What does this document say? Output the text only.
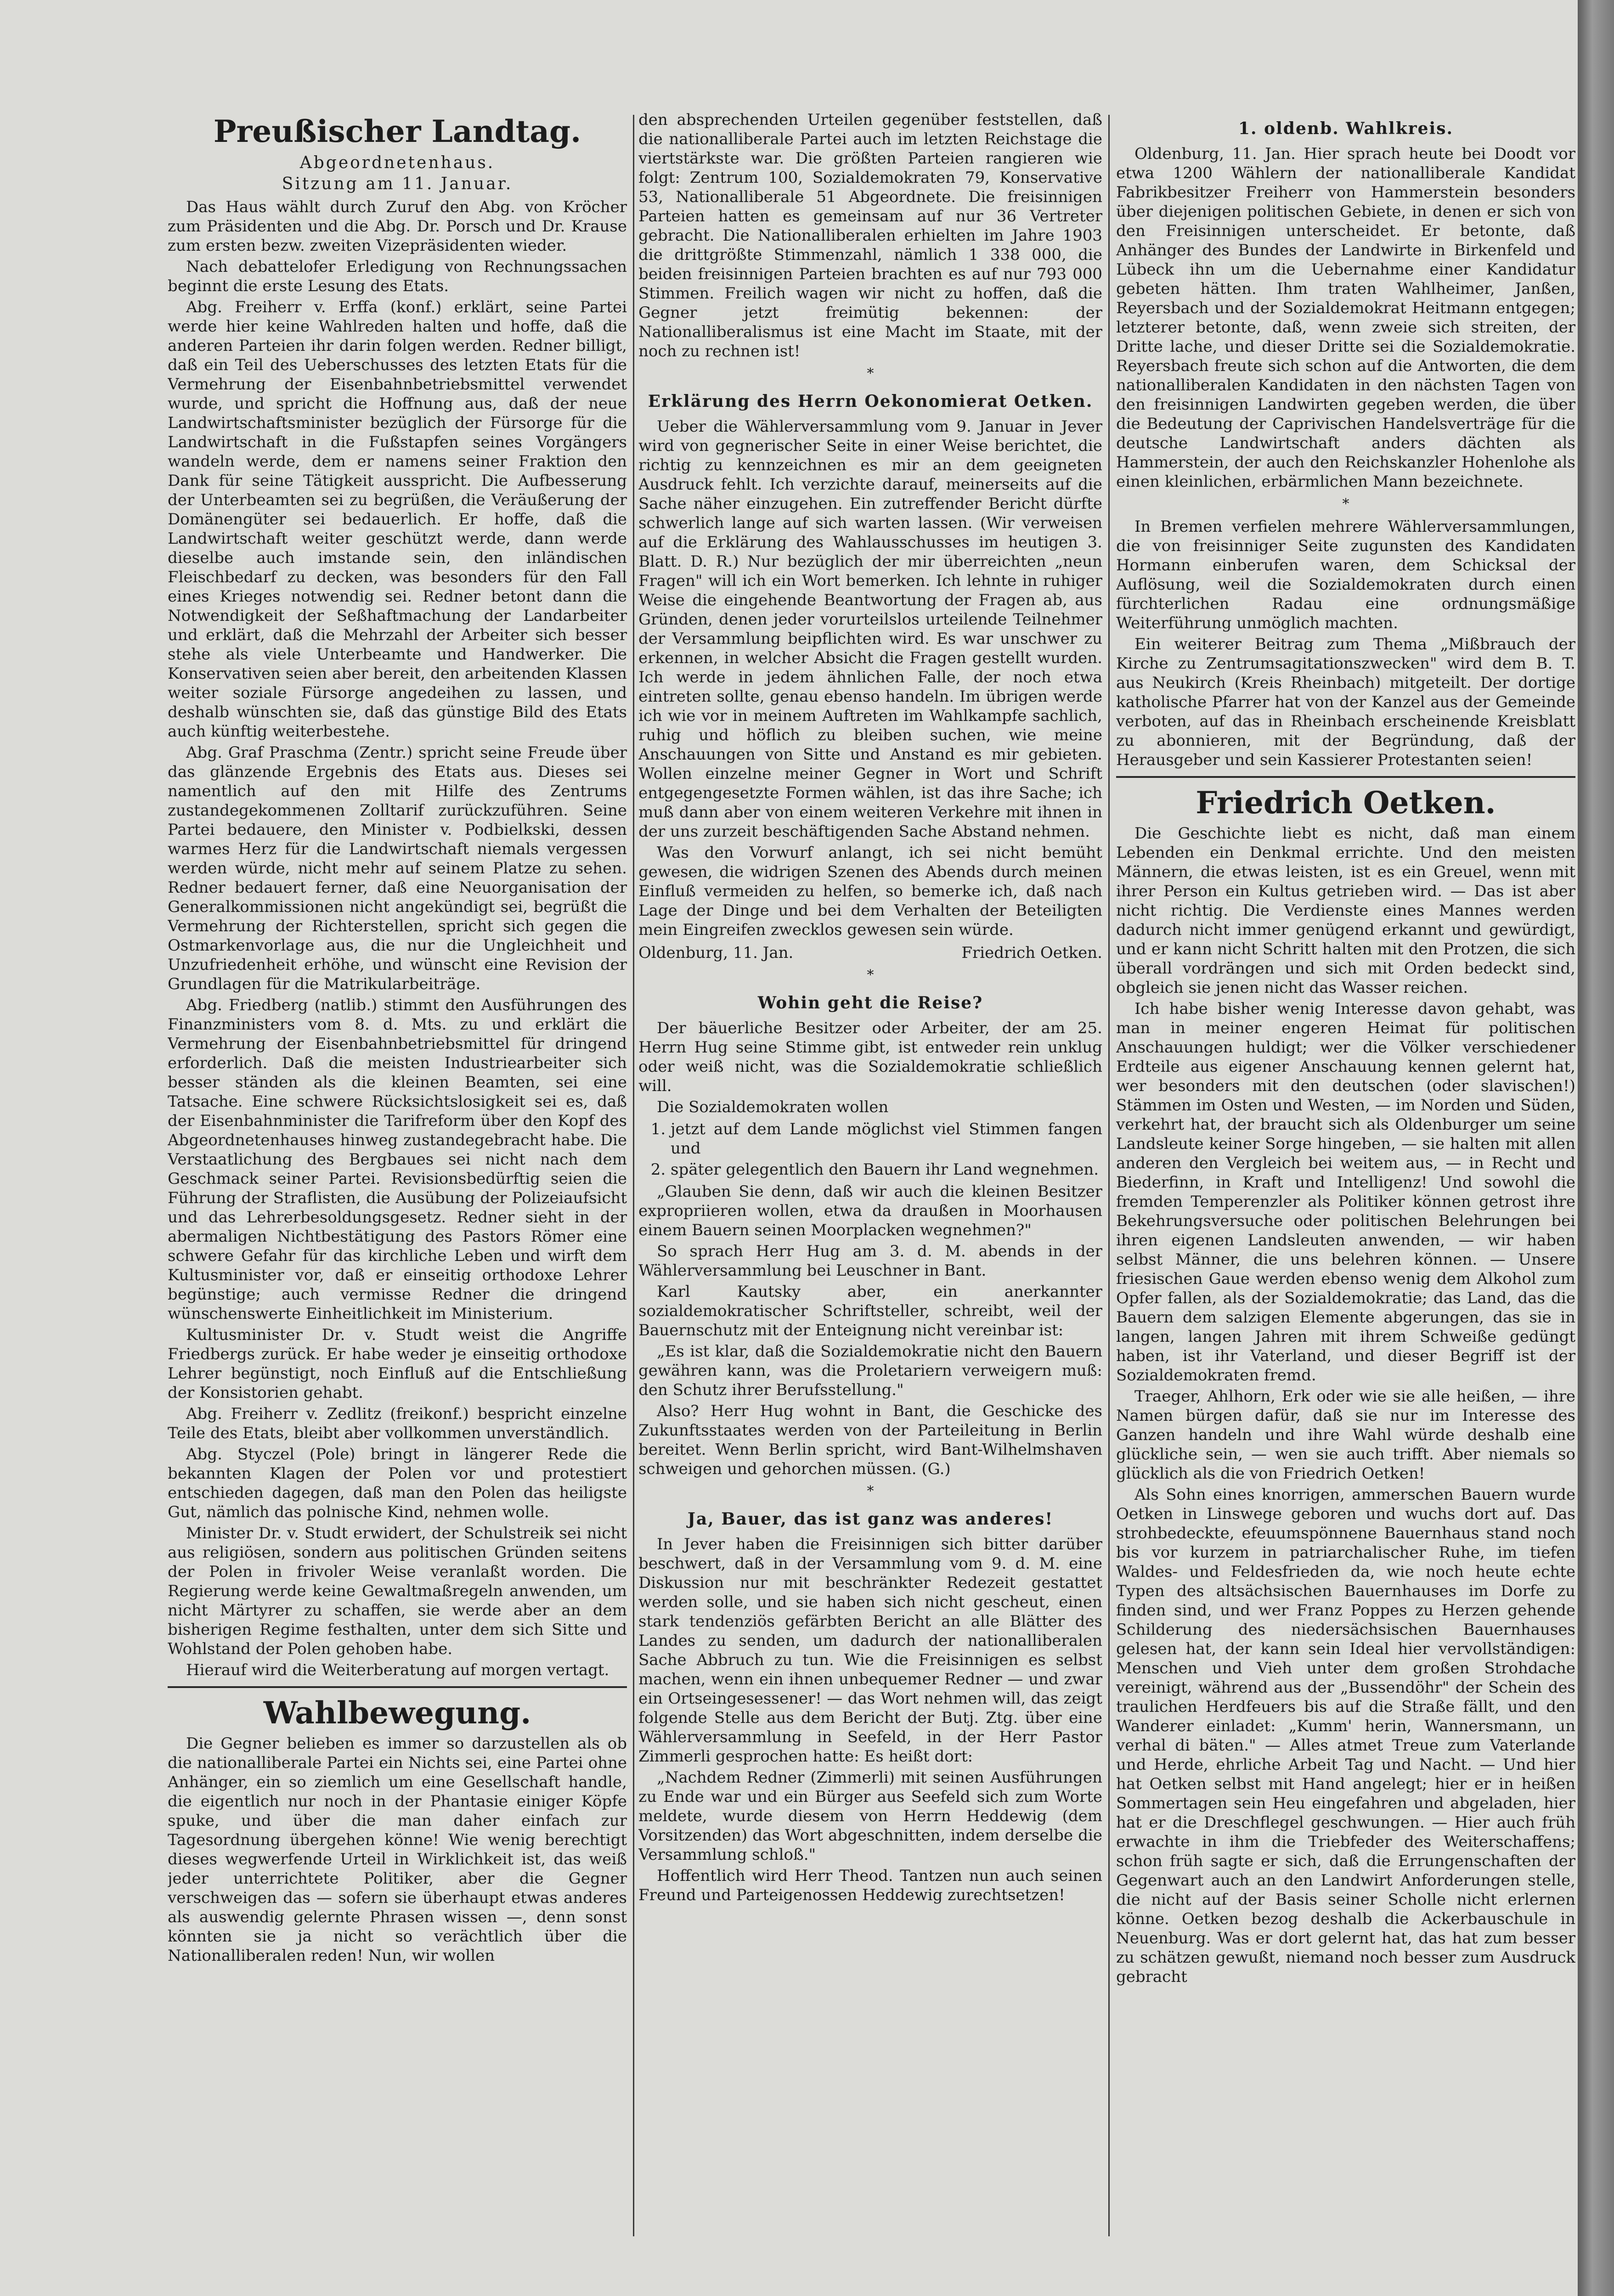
Preußischer Landtag.
Abgeordnetenhaus.
Sitzung am 11. Januar.

Das Haus wählt durch Zuruf den Abg. von Kröcher zum Präsidenten und die Abg. Dr. Porsch und Dr. Krause zum ersten bezw. zweiten Vizepräsidenten wieder.

Nach debattelofer Erledigung von Rechnungssachen beginnt die erste Lesung des Etats.

Abg. Freiherr v. Erffa (konf.) erklärt, seine Partei werde hier keine Wahlreden halten und hoffe, daß die anderen Parteien ihr darin folgen werden. Redner billigt, daß ein Teil des Ueberschusses des letzten Etats für die Vermehrung der Eisenbahnbetriebsmittel verwendet wurde, und spricht die Hoffnung aus, daß der neue Landwirtschaftsminister bezüglich der Fürsorge für die Landwirtschaft in die Fußstapfen seines Vorgängers wandeln werde, dem er namens seiner Fraktion den Dank für seine Tätigkeit ausspricht. Die Aufbesserung der Unterbeamten sei zu begrüßen, die Veräußerung der Domänengüter sei bedauerlich. Er hoffe, daß die Landwirtschaft weiter geschützt werde, dann werde dieselbe auch imstande sein, den inländischen Fleischbedarf zu decken, was besonders für den Fall eines Krieges notwendig sei. Redner betont dann die Notwendigkeit der Seßhaftmachung der Landarbeiter und erklärt, daß die Mehrzahl der Arbeiter sich besser stehe als viele Unterbeamte und Handwerker. Die Konservativen seien aber bereit, den arbeitenden Klassen weiter soziale Fürsorge angedeihen zu lassen, und deshalb wünschten sie, daß das günstige Bild des Etats auch künftig weiterbestehe.

Abg. Graf Praschma (Zentr.) spricht seine Freude über das glänzende Ergebnis des Etats aus. Dieses sei namentlich auf den mit Hilfe des Zentrums zustandegekommenen Zolltarif zurückzuführen. Seine Partei bedauere, den Minister v. Podbielkski, dessen warmes Herz für die Landwirtschaft niemals vergessen werden würde, nicht mehr auf seinem Platze zu sehen. Redner bedauert ferner, daß eine Neuorganisation der Generalkommissionen nicht angekündigt sei, begrüßt die Vermehrung der Richterstellen, spricht sich gegen die Ostmarkenvorlage aus, die nur die Ungleichheit und Unzufriedenheit erhöhe, und wünscht eine Revision der Grundlagen für die Matrikularbeiträge.

Abg. Friedberg (natlib.) stimmt den Ausführungen des Finanzministers vom 8. d. Mts. zu und erklärt die Vermehrung der Eisenbahnbetriebsmittel für dringend erforderlich. Daß die meisten Industriearbeiter sich besser ständen als die kleinen Beamten, sei eine Tatsache. Eine schwere Rücksichtslosigkeit sei es, daß der Eisenbahnminister die Tarifreform über den Kopf des Abgeordnetenhauses hinweg zustandegebracht habe. Die Verstaatlichung des Bergbaues sei nicht nach dem Geschmack seiner Partei. Revisionsbedürftig seien die Führung der Straflisten, die Ausübung der Polizeiaufsicht und das Lehrerbesoldungsgesetz. Redner sieht in der abermaligen Nichtbestätigung des Pastors Römer eine schwere Gefahr für das kirchliche Leben und wirft dem Kultusminister vor, daß er einseitig orthodoxe Lehrer begünstige; auch vermisse Redner die dringend wünschenswerte Einheitlichkeit im Ministerium.

Kultusminister Dr. v. Studt weist die Angriffe Friedbergs zurück. Er habe weder je einseitig orthodoxe Lehrer begünstigt, noch Einfluß auf die Entschließung der Konsistorien gehabt.

Abg. Freiherr v. Zedlitz (freikonf.) bespricht einzelne Teile des Etats, bleibt aber vollkommen unverständlich.

Abg. Styczel (Pole) bringt in längerer Rede die bekannten Klagen der Polen vor und protestiert entschieden dagegen, daß man den Polen das heiligste Gut, nämlich das polnische Kind, nehmen wolle.

Minister Dr. v. Studt erwidert, der Schulstreik sei nicht aus religiösen, sondern aus politischen Gründen seitens der Polen in frivoler Weise veranlaßt worden. Die Regierung werde keine Gewaltmaßregeln anwenden, um nicht Märtyrer zu schaffen, sie werde aber an dem bisherigen Regime festhalten, unter dem sich Sitte und Wohlstand der Polen gehoben habe.

Hierauf wird die Weiterberatung auf morgen vertagt.

Wahlbewegung.

Die Gegner belieben es immer so darzustellen als ob die nationalliberale Partei ein Nichts sei, eine Partei ohne Anhänger, ein so ziemlich um eine Gesellschaft handle, die eigentlich nur noch in der Phantasie einiger Köpfe spuke, und über die man daher einfach zur Tagesordnung übergehen könne! Wie wenig berechtigt dieses wegwerfende Urteil in Wirklichkeit ist, das weiß jeder unterrichtete Politiker, aber die Gegner verschweigen das — sofern sie überhaupt etwas anderes als auswendig gelernte Phrasen wissen —, denn sonst könnten sie ja nicht so verächtlich über die Nationalliberalen reden! Nun, wir wollen

den absprechenden Urteilen gegenüber feststellen, daß die nationalliberale Partei auch im letzten Reichstage die viertstärkste war. Die größten Parteien rangieren wie folgt: Zentrum 100, Sozialdemokraten 79, Konservative 53, Nationalliberale 51 Abgeordnete. Die freisinnigen Parteien hatten es gemeinsam auf nur 36 Vertreter gebracht. Die Nationalliberalen erhielten im Jahre 1903 die drittgrößte Stimmenzahl, nämlich 1 338 000, die beiden freisinnigen Parteien brachten es auf nur 793 000 Stimmen. Freilich wagen wir nicht zu hoffen, daß die Gegner jetzt freimütig bekennen: der Nationalliberalismus ist eine Macht im Staate, mit der noch zu rechnen ist!

*
Erklärung des Herrn Oekonomierat Oetken.

Ueber die Wählerversammlung vom 9. Januar in Jever wird von gegnerischer Seite in einer Weise berichtet, die richtig zu kennzeichnen es mir an dem geeigneten Ausdruck fehlt. Ich verzichte darauf, meinerseits auf die Sache näher einzugehen. Ein zutreffender Bericht dürfte schwerlich lange auf sich warten lassen. (Wir verweisen auf die Erklärung des Wahlausschusses im heutigen 3. Blatt. D. R.) Nur bezüglich der mir überreichten „neun Fragen" will ich ein Wort bemerken. Ich lehnte in ruhiger Weise die eingehende Beantwortung der Fragen ab, aus Gründen, denen jeder vorurteilslos urteilende Teilnehmer der Versammlung beipflichten wird. Es war unschwer zu erkennen, in welcher Absicht die Fragen gestellt wurden. Ich werde in jedem ähnlichen Falle, der noch etwa eintreten sollte, genau ebenso handeln. Im übrigen werde ich wie vor in meinem Auftreten im Wahlkampfe sachlich, ruhig und höflich zu bleiben suchen, wie meine Anschauungen von Sitte und Anstand es mir gebieten. Wollen einzelne meiner Gegner in Wort und Schrift entgegengesetzte Formen wählen, ist das ihre Sache; ich muß dann aber von einem weiteren Verkehre mit ihnen in der uns zurzeit beschäftigenden Sache Abstand nehmen.

Was den Vorwurf anlangt, ich sei nicht bemüht gewesen, die widrigen Szenen des Abends durch meinen Einfluß vermeiden zu helfen, so bemerke ich, daß nach Lage der Dinge und bei dem Verhalten der Beteiligten mein Eingreifen zwecklos gewesen sein würde.

Oldenburg, 11. Jan.	Friedrich Oetken.
*
Wohin geht die Reise?

Der bäuerliche Besitzer oder Arbeiter, der am 25. Herrn Hug seine Stimme gibt, ist entweder rein unklug oder weiß nicht, was die Sozialdemokratie schließlich will.

Die Sozialdemokraten wollen

1. jetzt auf dem Lande möglichst viel Stimmen fangen und
2. später gelegentlich den Bauern ihr Land wegnehmen.

„Glauben Sie denn, daß wir auch die kleinen Besitzer expropriieren wollen, etwa da draußen in Moorhausen einem Bauern seinen Moorplacken wegnehmen?"

So sprach Herr Hug am 3. d. M. abends in der Wählerversammlung bei Leuschner in Bant.

Karl Kautsky aber, ein anerkannter sozialdemokratischer Schriftsteller, schreibt, weil der Bauernschutz mit der Enteignung nicht vereinbar ist:

„Es ist klar, daß die Sozialdemokratie nicht den Bauern gewähren kann, was die Proletariern verweigern muß: den Schutz ihrer Berufsstellung."

Also? Herr Hug wohnt in Bant, die Geschicke des Zukunftsstaates werden von der Parteileitung in Berlin bereitet. Wenn Berlin spricht, wird Bant-Wilhelmshaven schweigen und gehorchen müssen. (G.)

*
Ja, Bauer, das ist ganz was anderes!

In Jever haben die Freisinnigen sich bitter darüber beschwert, daß in der Versammlung vom 9. d. M. eine Diskussion nur mit beschränkter Redezeit gestattet werden solle, und sie haben sich nicht gescheut, einen stark tendenziös gefärbten Bericht an alle Blätter des Landes zu senden, um dadurch der nationalliberalen Sache Abbruch zu tun. Wie die Freisinnigen es selbst machen, wenn ein ihnen unbequemer Redner — und zwar ein Ortseingesessener! — das Wort nehmen will, das zeigt folgende Stelle aus dem Bericht der Butj. Ztg. über eine Wählerversammlung in Seefeld, in der Herr Pastor Zimmerli gesprochen hatte: Es heißt dort:

„Nachdem Redner (Zimmerli) mit seinen Ausführungen zu Ende war und ein Bürger aus Seefeld sich zum Worte meldete, wurde diesem von Herrn Heddewig (dem Vorsitzenden) das Wort abgeschnitten, indem derselbe die Versammlung schloß."

Hoffentlich wird Herr Theod. Tantzen nun auch seinen Freund und Parteigenossen Heddewig zurechtsetzen!

1. oldenb. Wahlkreis.

Oldenburg, 11. Jan. Hier sprach heute bei Doodt vor etwa 1200 Wählern der nationalliberale Kandidat Fabrikbesitzer Freiherr von Hammerstein besonders über diejenigen politischen Gebiete, in denen er sich von den Freisinnigen unterscheidet. Er betonte, daß Anhänger des Bundes der Landwirte in Birkenfeld und Lübeck ihn um die Uebernahme einer Kandidatur gebeten hätten. Ihm traten Wahlheimer, Janßen, Reyersbach und der Sozialdemokrat Heitmann entgegen; letzterer betonte, daß, wenn zweie sich streiten, der Dritte lache, und dieser Dritte sei die Sozialdemokratie. Reyersbach freute sich schon auf die Antworten, die dem nationalliberalen Kandidaten in den nächsten Tagen von den freisinnigen Landwirten gegeben werden, die über die Bedeutung der Caprivischen Handelsverträge für die deutsche Landwirtschaft anders dächten als Hammerstein, der auch den Reichskanzler Hohenlohe als einen kleinlichen, erbärmlichen Mann bezeichnete.

*

In Bremen verfielen mehrere Wählerversammlungen, die von freisinniger Seite zugunsten des Kandidaten Hormann einberufen waren, dem Schicksal der Auflösung, weil die Sozialdemokraten durch einen fürchterlichen Radau eine ordnungsmäßige Weiterführung unmöglich machten.

Ein weiterer Beitrag zum Thema „Mißbrauch der Kirche zu Zentrumsagitationszwecken" wird dem B. T. aus Neukirch (Kreis Rheinbach) mitgeteilt. Der dortige katholische Pfarrer hat von der Kanzel aus der Gemeinde verboten, auf das in Rheinbach erscheinende Kreisblatt zu abonnieren, mit der Begründung, daß der Herausgeber und sein Kassierer Protestanten seien!

Friedrich Oetken.

Die Geschichte liebt es nicht, daß man einem Lebenden ein Denkmal errichte. Und den meisten Männern, die etwas leisten, ist es ein Greuel, wenn mit ihrer Person ein Kultus getrieben wird. — Das ist aber nicht richtig. Die Verdienste eines Mannes werden dadurch nicht immer genügend erkannt und gewürdigt, und er kann nicht Schritt halten mit den Protzen, die sich überall vordrängen und sich mit Orden bedeckt sind, obgleich sie jenen nicht das Wasser reichen.

Ich habe bisher wenig Interesse davon gehabt, was man in meiner engeren Heimat für politischen Anschauungen huldigt; wer die Völker verschiedener Erdteile aus eigener Anschauung kennen gelernt hat, wer besonders mit den deutschen (oder slavischen!) Stämmen im Osten und Westen, — im Norden und Süden, verkehrt hat, der braucht sich als Oldenburger um seine Landsleute keiner Sorge hingeben, — sie halten mit allen anderen den Vergleich bei weitem aus, — in Recht und Biederfinn, in Kraft und Intelligenz! Und sowohl die fremden Temperenzler als Politiker können getrost ihre Bekehrungsversuche oder politischen Belehrungen bei ihren eigenen Landsleuten anwenden, — wir haben selbst Männer, die uns belehren können. — Unsere friesischen Gaue werden ebenso wenig dem Alkohol zum Opfer fallen, als der Sozialdemokratie; das Land, das die Bauern dem salzigen Elemente abgerungen, das sie in langen, langen Jahren mit ihrem Schweiße gedüngt haben, ist ihr Vaterland, und dieser Begriff ist der Sozialdemokraten fremd.

Traeger, Ahlhorn, Erk oder wie sie alle heißen, — ihre Namen bürgen dafür, daß sie nur im Interesse des Ganzen handeln und ihre Wahl würde deshalb eine glückliche sein, — wen sie auch trifft. Aber niemals so glücklich als die von Friedrich Oetken!

Als Sohn eines knorrigen, ammerschen Bauern wurde Oetken in Linswege geboren und wuchs dort auf. Das strohbedeckte, efeuumspönnene Bauernhaus stand noch bis vor kurzem in patriarchalischer Ruhe, im tiefen Waldes- und Feldesfrieden da, wie noch heute echte Typen des altsächsischen Bauernhauses im Dorfe zu finden sind, und wer Franz Poppes zu Herzen gehende Schilderung des niedersächsischen Bauernhauses gelesen hat, der kann sein Ideal hier vervollständigen: Menschen und Vieh unter dem großen Strohdache vereinigt, während aus der „Bussendöhr" der Schein des traulichen Herdfeuers bis auf die Straße fällt, und den Wanderer einladet: „Kumm' herin, Wannersmann, un verhal di bäten." — Alles atmet Treue zum Vaterlande und Herde, ehrliche Arbeit Tag und Nacht. — Und hier hat Oetken selbst mit Hand angelegt; hier er in heißen Sommertagen sein Heu eingefahren und abgeladen, hier hat er die Dreschflegel geschwungen. — Hier auch früh erwachte in ihm die Triebfeder des Weiterschaffens; schon früh sagte er sich, daß die Errungenschaften der Gegenwart auch an den Landwirt Anforderungen stelle, die nicht auf der Basis seiner Scholle nicht erlernen könne. Oetken bezog deshalb die Ackerbauschule in Neuenburg. Was er dort gelernt hat, das hat zum besser zu schätzen gewußt, niemand noch besser zum Ausdruck gebracht
